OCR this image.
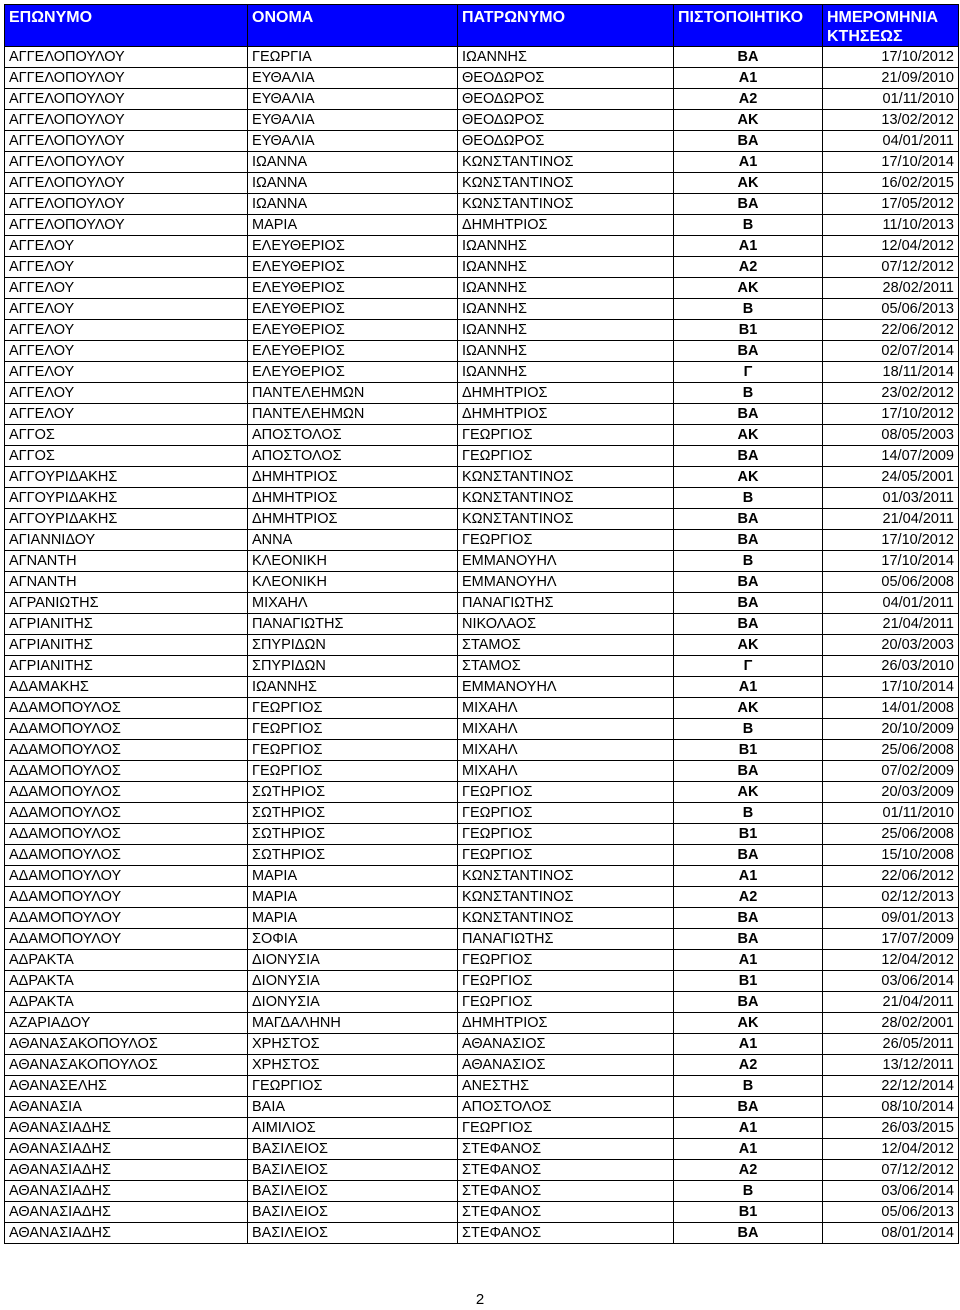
ΕΠΩΝΥΜΟ	ΟΝΟΜΑ	ΠΑΤΡΩΝΥΜΟ	ΠΙΣΤΟΠΟΙΗΤΙΚΟ	ΗΜΕΡΟΜΗΝΙΑ
ΚΤΗΣΕΩΣ
ΑΓΓΕΛΟΠΟΥΛΟΥ	ΓΕΩΡΓΙΑ	ΙΩΑΝΝΗΣ	ΒΑ	17/10/2012
ΑΓΓΕΛΟΠΟΥΛΟΥ	ΕΥΘΑΛΙΑ	ΘΕΟΔΩΡΟΣ	Α1	21/09/2010
ΑΓΓΕΛΟΠΟΥΛΟΥ	ΕΥΘΑΛΙΑ	ΘΕΟΔΩΡΟΣ	Α2	01/11/2010
ΑΓΓΕΛΟΠΟΥΛΟΥ	ΕΥΘΑΛΙΑ	ΘΕΟΔΩΡΟΣ	ΑΚ	13/02/2012
ΑΓΓΕΛΟΠΟΥΛΟΥ	ΕΥΘΑΛΙΑ	ΘΕΟΔΩΡΟΣ	ΒΑ	04/01/2011
ΑΓΓΕΛΟΠΟΥΛΟΥ	ΙΩΑΝΝΑ	ΚΩΝΣΤΑΝΤΙΝΟΣ	Α1	17/10/2014
ΑΓΓΕΛΟΠΟΥΛΟΥ	ΙΩΑΝΝΑ	ΚΩΝΣΤΑΝΤΙΝΟΣ	ΑΚ	16/02/2015
ΑΓΓΕΛΟΠΟΥΛΟΥ	ΙΩΑΝΝΑ	ΚΩΝΣΤΑΝΤΙΝΟΣ	ΒΑ	17/05/2012
ΑΓΓΕΛΟΠΟΥΛΟΥ	ΜΑΡΙΑ	ΔΗΜΗΤΡΙΟΣ	Β	11/10/2013
ΑΓΓΕΛΟΥ	ΕΛΕΥΘΕΡΙΟΣ	ΙΩΑΝΝΗΣ	Α1	12/04/2012
ΑΓΓΕΛΟΥ	ΕΛΕΥΘΕΡΙΟΣ	ΙΩΑΝΝΗΣ	Α2	07/12/2012
ΑΓΓΕΛΟΥ	ΕΛΕΥΘΕΡΙΟΣ	ΙΩΑΝΝΗΣ	ΑΚ	28/02/2011
ΑΓΓΕΛΟΥ	ΕΛΕΥΘΕΡΙΟΣ	ΙΩΑΝΝΗΣ	Β	05/06/2013
ΑΓΓΕΛΟΥ	ΕΛΕΥΘΕΡΙΟΣ	ΙΩΑΝΝΗΣ	Β1	22/06/2012
ΑΓΓΕΛΟΥ	ΕΛΕΥΘΕΡΙΟΣ	ΙΩΑΝΝΗΣ	ΒΑ	02/07/2014
ΑΓΓΕΛΟΥ	ΕΛΕΥΘΕΡΙΟΣ	ΙΩΑΝΝΗΣ	Γ	18/11/2014
ΑΓΓΕΛΟΥ	ΠΑΝΤΕΛΕΗΜΩΝ	ΔΗΜΗΤΡΙΟΣ	Β	23/02/2012
ΑΓΓΕΛΟΥ	ΠΑΝΤΕΛΕΗΜΩΝ	ΔΗΜΗΤΡΙΟΣ	ΒΑ	17/10/2012
ΑΓΓΟΣ	ΑΠΟΣΤΟΛΟΣ	ΓΕΩΡΓΙΟΣ	ΑΚ	08/05/2003
ΑΓΓΟΣ	ΑΠΟΣΤΟΛΟΣ	ΓΕΩΡΓΙΟΣ	ΒΑ	14/07/2009
ΑΓΓΟΥΡΙΔΑΚΗΣ	ΔΗΜΗΤΡΙΟΣ	ΚΩΝΣΤΑΝΤΙΝΟΣ	ΑΚ	24/05/2001
ΑΓΓΟΥΡΙΔΑΚΗΣ	ΔΗΜΗΤΡΙΟΣ	ΚΩΝΣΤΑΝΤΙΝΟΣ	Β	01/03/2011
ΑΓΓΟΥΡΙΔΑΚΗΣ	ΔΗΜΗΤΡΙΟΣ	ΚΩΝΣΤΑΝΤΙΝΟΣ	ΒΑ	21/04/2011
ΑΓΙΑΝΝΙΔΟΥ	ΑΝΝΑ	ΓΕΩΡΓΙΟΣ	ΒΑ	17/10/2012
ΑΓΝΑΝΤΗ	ΚΛΕΟΝΙΚΗ	ΕΜΜΑΝΟΥΗΛ	Β	17/10/2014
ΑΓΝΑΝΤΗ	ΚΛΕΟΝΙΚΗ	ΕΜΜΑΝΟΥΗΛ	ΒΑ	05/06/2008
ΑΓΡΑΝΙΩΤΗΣ	ΜΙΧΑΗΛ	ΠΑΝΑΓΙΩΤΗΣ	ΒΑ	04/01/2011
ΑΓΡΙΑΝΙΤΗΣ	ΠΑΝΑΓΙΩΤΗΣ	ΝΙΚΟΛΑΟΣ	ΒΑ	21/04/2011
ΑΓΡΙΑΝΙΤΗΣ	ΣΠΥΡΙΔΩΝ	ΣΤΑΜΟΣ	ΑΚ	20/03/2003
ΑΓΡΙΑΝΙΤΗΣ	ΣΠΥΡΙΔΩΝ	ΣΤΑΜΟΣ	Γ	26/03/2010
ΑΔΑΜΑΚΗΣ	ΙΩΑΝΝΗΣ	ΕΜΜΑΝΟΥΗΛ	Α1	17/10/2014
ΑΔΑΜΟΠΟΥΛΟΣ	ΓΕΩΡΓΙΟΣ	ΜΙΧΑΗΛ	ΑΚ	14/01/2008
ΑΔΑΜΟΠΟΥΛΟΣ	ΓΕΩΡΓΙΟΣ	ΜΙΧΑΗΛ	Β	20/10/2009
ΑΔΑΜΟΠΟΥΛΟΣ	ΓΕΩΡΓΙΟΣ	ΜΙΧΑΗΛ	Β1	25/06/2008
ΑΔΑΜΟΠΟΥΛΟΣ	ΓΕΩΡΓΙΟΣ	ΜΙΧΑΗΛ	ΒΑ	07/02/2009
ΑΔΑΜΟΠΟΥΛΟΣ	ΣΩΤΗΡΙΟΣ	ΓΕΩΡΓΙΟΣ	ΑΚ	20/03/2009
ΑΔΑΜΟΠΟΥΛΟΣ	ΣΩΤΗΡΙΟΣ	ΓΕΩΡΓΙΟΣ	Β	01/11/2010
ΑΔΑΜΟΠΟΥΛΟΣ	ΣΩΤΗΡΙΟΣ	ΓΕΩΡΓΙΟΣ	Β1	25/06/2008
ΑΔΑΜΟΠΟΥΛΟΣ	ΣΩΤΗΡΙΟΣ	ΓΕΩΡΓΙΟΣ	ΒΑ	15/10/2008
ΑΔΑΜΟΠΟΥΛΟΥ	ΜΑΡΙΑ	ΚΩΝΣΤΑΝΤΙΝΟΣ	Α1	22/06/2012
ΑΔΑΜΟΠΟΥΛΟΥ	ΜΑΡΙΑ	ΚΩΝΣΤΑΝΤΙΝΟΣ	Α2	02/12/2013
ΑΔΑΜΟΠΟΥΛΟΥ	ΜΑΡΙΑ	ΚΩΝΣΤΑΝΤΙΝΟΣ	ΒΑ	09/01/2013
ΑΔΑΜΟΠΟΥΛΟΥ	ΣΟΦΙΑ	ΠΑΝΑΓΙΩΤΗΣ	ΒΑ	17/07/2009
ΑΔΡΑΚΤΑ	ΔΙΟΝΥΣΙΑ	ΓΕΩΡΓΙΟΣ	Α1	12/04/2012
ΑΔΡΑΚΤΑ	ΔΙΟΝΥΣΙΑ	ΓΕΩΡΓΙΟΣ	Β1	03/06/2014
ΑΔΡΑΚΤΑ	ΔΙΟΝΥΣΙΑ	ΓΕΩΡΓΙΟΣ	ΒΑ	21/04/2011
ΑΖΑΡΙΑΔΟΥ	ΜΑΓΔΑΛΗΝΗ	ΔΗΜΗΤΡΙΟΣ	ΑΚ	28/02/2001
ΑΘΑΝΑΣΑΚΟΠΟΥΛΟΣ	ΧΡΗΣΤΟΣ	ΑΘΑΝΑΣΙΟΣ	Α1	26/05/2011
ΑΘΑΝΑΣΑΚΟΠΟΥΛΟΣ	ΧΡΗΣΤΟΣ	ΑΘΑΝΑΣΙΟΣ	Α2	13/12/2011
ΑΘΑΝΑΣΕΛΗΣ	ΓΕΩΡΓΙΟΣ	ΑΝΕΣΤΗΣ	Β	22/12/2014
ΑΘΑΝΑΣΙΑ	ΒΑΙΑ	ΑΠΟΣΤΟΛΟΣ	ΒΑ	08/10/2014
ΑΘΑΝΑΣΙΑΔΗΣ	ΑΙΜΙΛΙΟΣ	ΓΕΩΡΓΙΟΣ	Α1	26/03/2015
ΑΘΑΝΑΣΙΑΔΗΣ	ΒΑΣΙΛΕΙΟΣ	ΣΤΕΦΑΝΟΣ	Α1	12/04/2012
ΑΘΑΝΑΣΙΑΔΗΣ	ΒΑΣΙΛΕΙΟΣ	ΣΤΕΦΑΝΟΣ	Α2	07/12/2012
ΑΘΑΝΑΣΙΑΔΗΣ	ΒΑΣΙΛΕΙΟΣ	ΣΤΕΦΑΝΟΣ	Β	03/06/2014
ΑΘΑΝΑΣΙΑΔΗΣ	ΒΑΣΙΛΕΙΟΣ	ΣΤΕΦΑΝΟΣ	Β1	05/06/2013
ΑΘΑΝΑΣΙΑΔΗΣ	ΒΑΣΙΛΕΙΟΣ	ΣΤΕΦΑΝΟΣ	ΒΑ	08/01/2014
2
